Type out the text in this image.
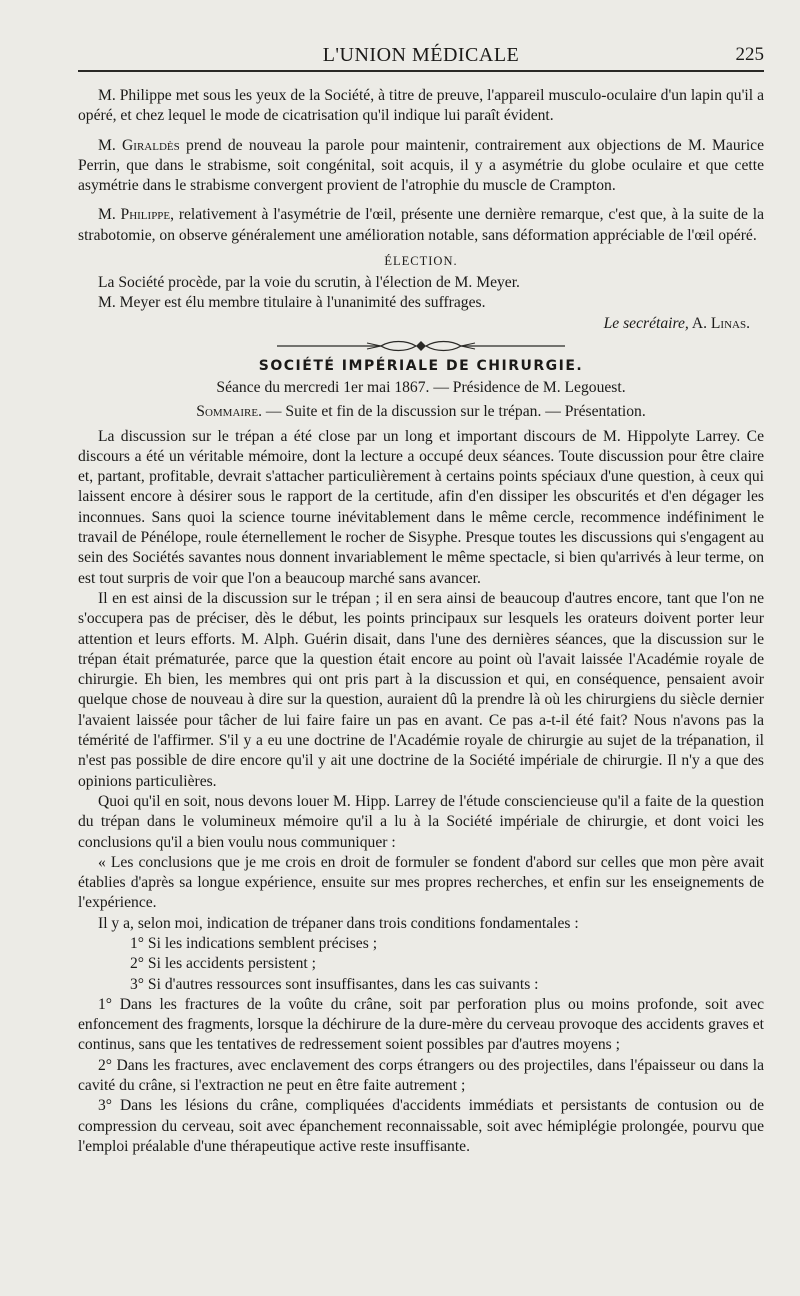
L'UNION MÉDICALE	225

M. Philippe met sous les yeux de la Société, à titre de preuve, l'appareil musculo-oculaire d'un lapin qu'il a opéré, et chez lequel le mode de cicatrisation qu'il indique lui paraît évident.

M. Giraldès prend de nouveau la parole pour maintenir, contrairement aux objections de M. Maurice Perrin, que dans le strabisme, soit congénital, soit acquis, il y a asymétrie du globe oculaire et que cette asymétrie dans le strabisme convergent provient de l'atrophie du muscle de Crampton.

M. Philippe, relativement à l'asymétrie de l'œil, présente une dernière remarque, c'est que, à la suite de la strabotomie, on observe généralement une amélioration notable, sans déformation appréciable de l'œil opéré.

ÉLECTION.

La Société procède, par la voie du scrutin, à l'élection de M. Meyer.

M. Meyer est élu membre titulaire à l'unanimité des suffrages.

Le secrétaire, A. Linas.

SOCIÉTÉ IMPÉRIALE DE CHIRURGIE.

Séance du mercredi 1er mai 1867. — Présidence de M. Legouest.

Sommaire. — Suite et fin de la discussion sur le trépan. — Présentation.

La discussion sur le trépan a été close par un long et important discours de M. Hippolyte Larrey. Ce discours a été un véritable mémoire, dont la lecture a occupé deux séances. Toute discussion pour être claire et, partant, profitable, devrait s'attacher particulièrement à certains points spéciaux d'une question, à ceux qui laissent encore à désirer sous le rapport de la certitude, afin d'en dissiper les obscurités et d'en dégager les inconnues. Sans quoi la science tourne inévitablement dans le même cercle, recommence indéfiniment le travail de Pénélope, roule éternellement le rocher de Sisyphe. Presque toutes les discussions qui s'engagent au sein des Sociétés savantes nous donnent invariablement le même spectacle, si bien qu'arrivés à leur terme, on est tout surpris de voir que l'on a beaucoup marché sans avancer.

Il en est ainsi de la discussion sur le trépan ; il en sera ainsi de beaucoup d'autres encore, tant que l'on ne s'occupera pas de préciser, dès le début, les points principaux sur lesquels les orateurs doivent porter leur attention et leurs efforts. M. Alph. Guérin disait, dans l'une des dernières séances, que la discussion sur le trépan était prématurée, parce que la question était encore au point où l'avait laissée l'Académie royale de chirurgie. Eh bien, les membres qui ont pris part à la discussion et qui, en conséquence, pensaient avoir quelque chose de nouveau à dire sur la question, auraient dû la prendre là où les chirurgiens du siècle dernier l'avaient laissée pour tâcher de lui faire faire un pas en avant. Ce pas a-t-il été fait? Nous n'avons pas la témérité de l'affirmer. S'il y a eu une doctrine de l'Académie royale de chirurgie au sujet de la trépanation, il n'est pas possible de dire encore qu'il y ait une doctrine de la Société impériale de chirurgie. Il n'y a que des opinions particulières.

Quoi qu'il en soit, nous devons louer M. Hipp. Larrey de l'étude consciencieuse qu'il a faite de la question du trépan dans le volumineux mémoire qu'il a lu à la Société impériale de chirurgie, et dont voici les conclusions qu'il a bien voulu nous communiquer :

« Les conclusions que je me crois en droit de formuler se fondent d'abord sur celles que mon père avait établies d'après sa longue expérience, ensuite sur mes propres recherches, et enfin sur les enseignements de l'expérience.

Il y a, selon moi, indication de trépaner dans trois conditions fondamentales :

1° Si les indications semblent précises ;

2° Si les accidents persistent ;

3° Si d'autres ressources sont insuffisantes, dans les cas suivants :

1° Dans les fractures de la voûte du crâne, soit par perforation plus ou moins profonde, soit avec enfoncement des fragments, lorsque la déchirure de la dure-mère du cerveau provoque des accidents graves et continus, sans que les tentatives de redressement soient possibles par d'autres moyens ;

2° Dans les fractures, avec enclavement des corps étrangers ou des projectiles, dans l'épaisseur ou dans la cavité du crâne, si l'extraction ne peut en être faite autrement ;

3° Dans les lésions du crâne, compliquées d'accidents immédiats et persistants de contusion ou de compression du cerveau, soit avec épanchement reconnaissable, soit avec hémiplégie prolongée, pourvu que l'emploi préalable d'une thérapeutique active reste insuffisante.
